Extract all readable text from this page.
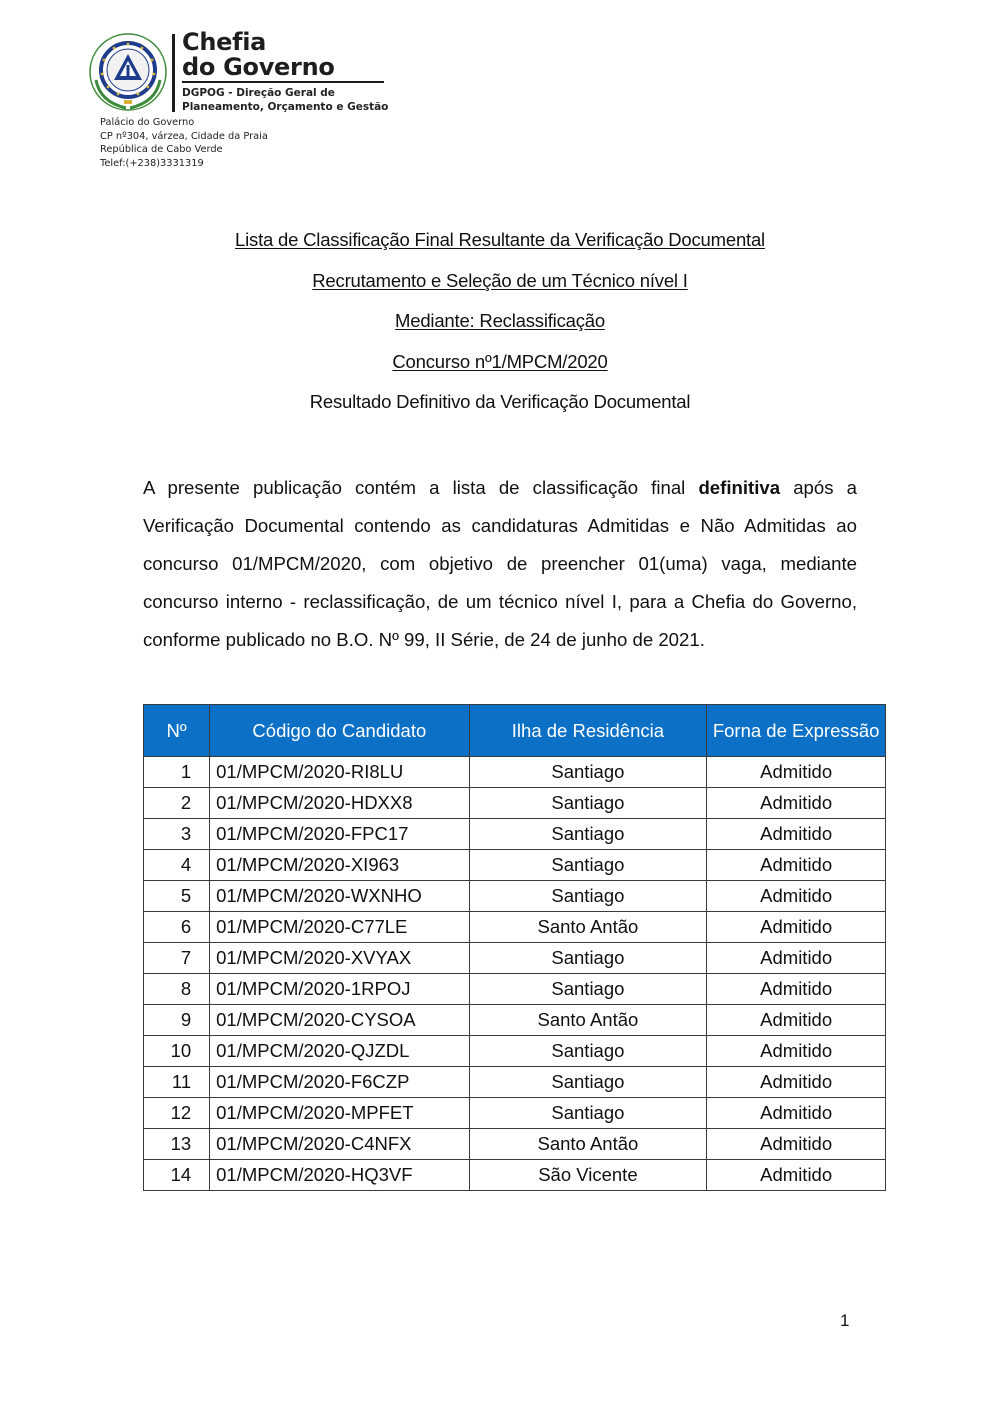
Chefia
do Governo
DGPOG - Direção Geral de Planeamento, Orçamento e Gestão
Palácio do Governo
CP nº304, várzea, Cidade da Praia
República de Cabo Verde
Telef:(+238)3331319
Lista de Classificação Final Resultante da Verificação Documental
Recrutamento e Seleção de um Técnico nível I
Mediante: Reclassificação
Concurso nº1/MPCM/2020
Resultado Definitivo da Verificação Documental

A presente publicação contém a lista de classificação final definitiva após a Verificação Documental contendo as candidaturas Admitidas e Não Admitidas ao concurso 01/MPCM/2020, com objetivo de preencher 01(uma) vaga, mediante concurso interno - reclassificação, de um técnico nível I, para a Chefia do Governo, conforme publicado no B.O. Nº 99, II Série, de 24 de junho de 2021.

Nº	Código do Candidato	Ilha de Residência	Forna de Expressão
1	01/MPCM/2020-RI8LU	Santiago	Admitido
2	01/MPCM/2020-HDXX8	Santiago	Admitido
3	01/MPCM/2020-FPC17	Santiago	Admitido
4	01/MPCM/2020-XI963	Santiago	Admitido
5	01/MPCM/2020-WXNHO	Santiago	Admitido
6	01/MPCM/2020-C77LE	Santo Antão	Admitido
7	01/MPCM/2020-XVYAX	Santiago	Admitido
8	01/MPCM/2020-1RPOJ	Santiago	Admitido
9	01/MPCM/2020-CYSOA	Santo Antão	Admitido
10	01/MPCM/2020-QJZDL	Santiago	Admitido
11	01/MPCM/2020-F6CZP	Santiago	Admitido
12	01/MPCM/2020-MPFET	Santiago	Admitido
13	01/MPCM/2020-C4NFX	Santo Antão	Admitido
14	01/MPCM/2020-HQ3VF	São Vicente	Admitido
1
